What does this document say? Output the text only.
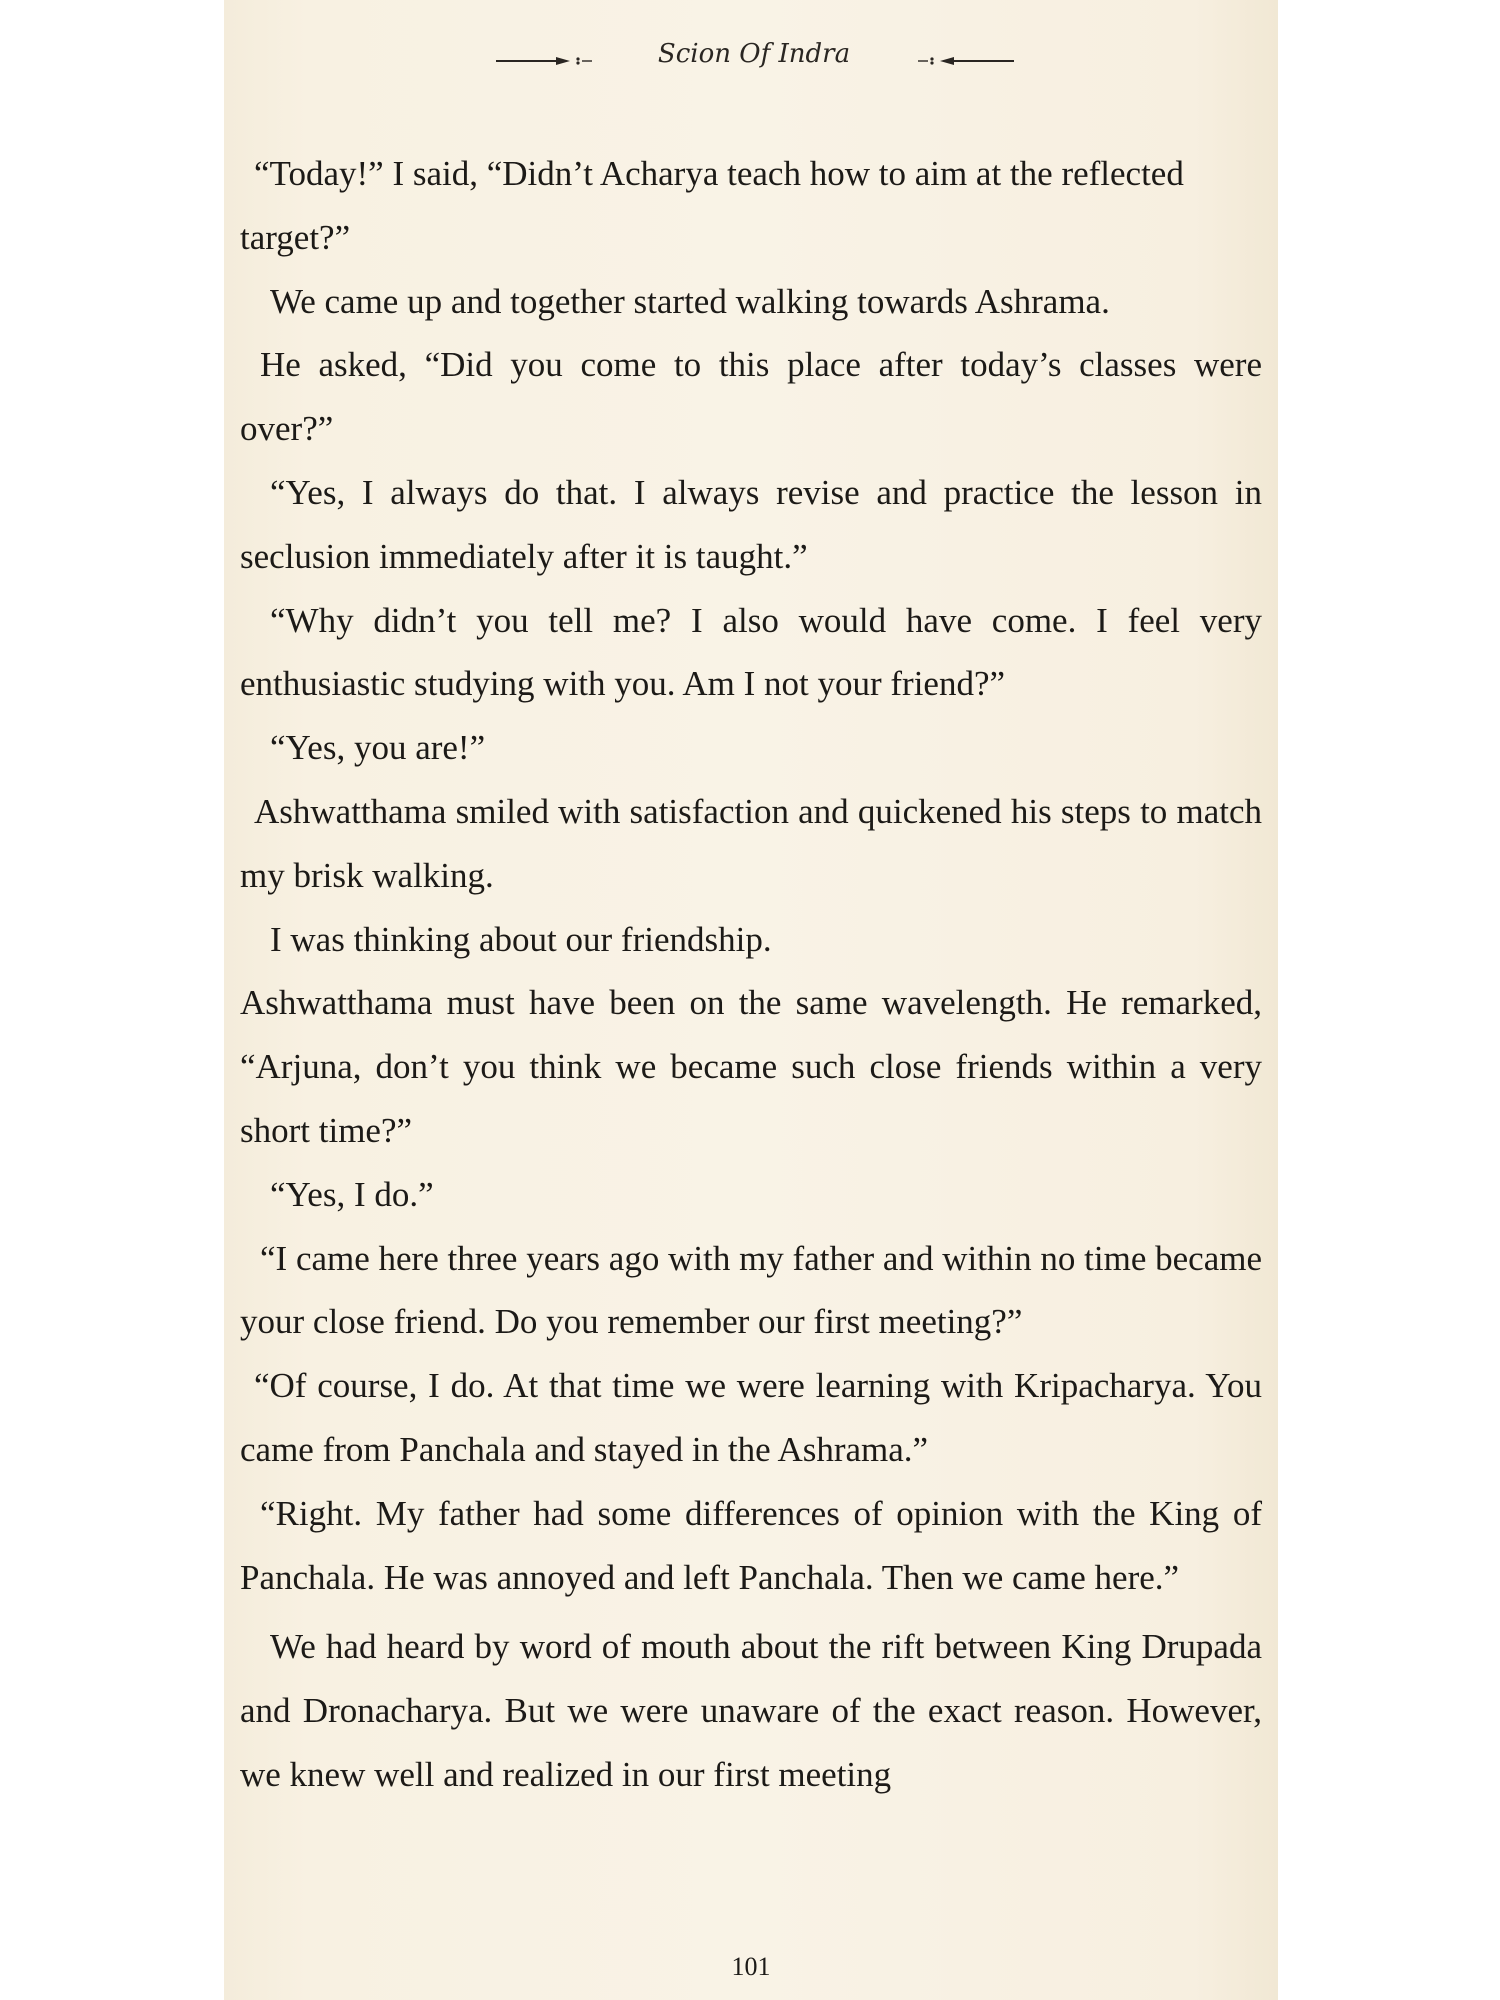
Scion Of Indra

“Today!” I said, “Didn’t Acharya teach how to aim at the reflected target?”

We came up and together started walking towards Ashrama.

He asked, “Did you come to this place after today’s classes were over?”

“Yes, I always do that. I always revise and practice the lesson in seclusion immediately after it is taught.”

“Why didn’t you tell me? I also would have come. I feel very enthusiastic studying with you. Am I not your friend?”

“Yes, you are!”

Ashwatthama smiled with satisfaction and quickened his steps to match my brisk walking.

I was thinking about our friendship.

Ashwatthama must have been on the same wavelength. He remarked, “Arjuna, don’t you think we became such close friends within a very short time?”

“Yes, I do.”

“I came here three years ago with my father and within no time became your close friend. Do you remember our first meeting?”

“Of course, I do. At that time we were learning with Kripacharya. You came from Panchala and stayed in the Ashrama.”

“Right. My father had some differences of opinion with the King of Panchala. He was annoyed and left Panchala. Then we came here.”

We had heard by word of mouth about the rift between King Drupada and Dronacharya. But we were unaware of the exact reason. However, we knew well and realized in our first meeting

101
